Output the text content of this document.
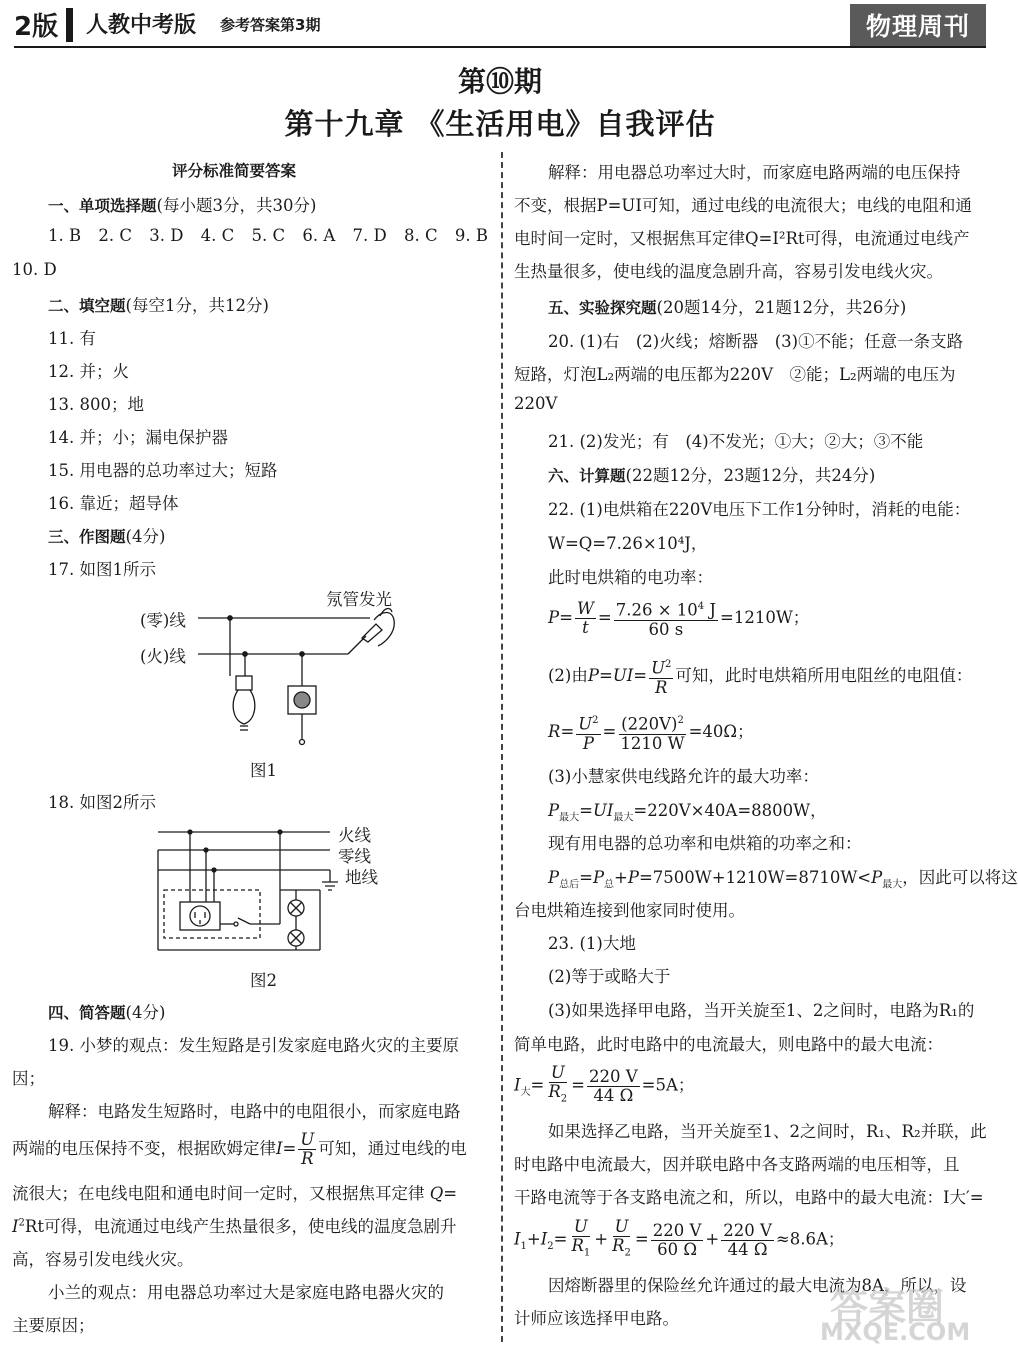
2版 人教中考版 参考答案第3期	物理周刊
第⑩期
第十九章 《生活用电》自我评估
评分标准简要答案
一、单项选择题(每小题3分，共30分)
1. B 2. C 3. D 4. C 5. C 6. A 7. D 8. C 9. B
10. D
二、填空题(每空1分，共12分)
11. 有
12. 并；火
13. 800；地
14. 并；小；漏电保护器
15. 用电器的总功率过大；短路
16. 靠近；超导体
三、作图题(4分)
17. 如图1所示
(零)线
(火)线
氖管发光
图1
18. 如图2所示
火线
零线
地线
图2
四、简答题(4分)
19. 小梦的观点：发生短路是引发家庭电路火灾的主要原
因；
解释：电路发生短路时，电路中的电阻很小，而家庭电路
两端的电压保持不变，根据欧姆定律$I= \frac{U}{R}$ 可知，通过电线的电
流很大；在电线电阻和通电时间一定时，又根据焦耳定律 Q=
$I^2Rt$可得，电流通过电线产生热量很多，使电线的温度急剧升
高，容易引发电线火灾。
小兰的观点：用电器总功率过大是家庭电路电器火灾的
主要原因；
解释：用电器总功率过大时，而家庭电路两端的电压保持
不变，根据P=UI可知，通过电线的电流很大；电线的电阻和通
电时间一定时，又根据焦耳定律Q=I²Rt可得，电流通过电线产
生热量很多，使电线的温度急剧升高，容易引发电线火灾。
五、实验探究题(20题14分，21题12分，共26分)
20. (1)右　(2)火线；熔断器　(3)①不能；任意一条支路
短路，灯泡L₂两端的电压都为220V　②能；L₂两端的电压为
220V
21. (2)发光；有　(4)不发光；①大；②大；③不能
六、计算题(22题12分，23题12分，共24分)
22. (1)电烘箱在220V电压下工作1分钟时，消耗的电能：
W=Q=7.26×10⁴J，
此时电烘箱的电功率：
$P= \frac{W}{t} = \frac{7.26 \times 10^4 J}{60 s} =1210W$；
(2)由$P=UI= \frac{U^2}{R}$ 可知，此时电烘箱所用电阻丝的电阻值：
$R= \frac{U^2}{P} = \frac{(220V)^2}{1210 W} =40\Omega$；
(3)小慧家供电线路允许的最大功率：
$P_{最大}=UI_{最大}=220V\times 40A=8800W$，
现有用电器的总功率和电烘箱的功率之和：
$P_{总后}=P_总+P=7500W+1210W=8710W<P_{最大}$，因此可以将这
台电烘箱连接到他家同时使用。
23. (1)大地
(2)等于或略大于
(3)如果选择甲电路，当开关旋至1、2之间时，电路为R₁的
简单电路，此时电路中的电流最大，则电路中的最大电流：
$I_大= \frac{U}{R_2} = \frac{220 V}{44 \Omega} =5A$；
如果选择乙电路，当开关旋至1、2之间时，R₁、R₂并联，此
时电路中电流最大，因并联电路中各支路两端的电压相等，且
干路电流等于各支路电流之和，所以，电路中的最大电流：I大′=
$I_1+I_2= \frac{U}{R_1} + \frac{U}{R_2} = \frac{220 V}{60 \Omega} + \frac{220 V}{44 \Omega} \approx 8.6A$；
因熔断器里的保险丝允许通过的最大电流为8A，所以，设
计师应该选择甲电路。	答案圈
MXQE.COM
